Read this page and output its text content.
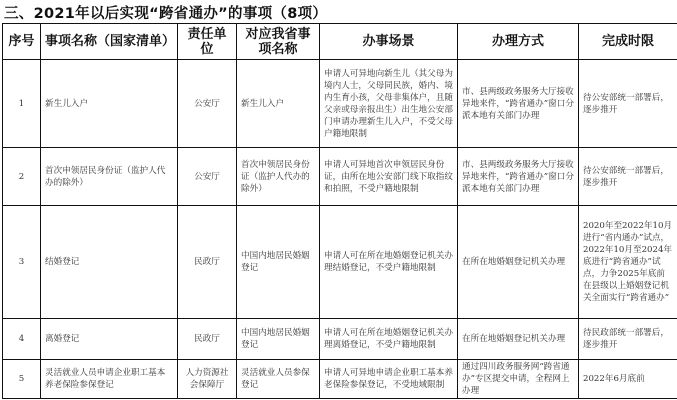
三、2021年以后实现“跨省通办”的事项（8项）
序号	事项名称（国家清单）	责任单位	对应我省事项名称	办事场景	办理方式	完成时限
1	新生儿入户	公安厅	新生儿入户	申请人可异地向新生儿（其父母为境内人士，父母同民族，婚内、境内生育小孩，父母非集体户，且随父亲或母亲报出生）出生地公安部门申请办理新生儿入户，不受父母户籍地限制	市、县两级政务服务大厅接收异地来件，“跨省通办”窗口分派本地有关部门办理	待公安部统一部署后，逐步推开
2	首次申领居民身份证（监护人代办的除外）	公安厅	首次申领居民身份证（监护人代办的除外）	申请人可异地首次申领居民身份证，由所在地公安部门线下取指纹和拍照，不受户籍地限制	市、县两级政务服务大厅接收异地来件，“跨省通办”窗口分派本地有关部门办理	待公安部统一部署后，逐步推开
3	结婚登记	民政厅	中国内地居民婚姻登记	申请人可在所在地婚姻登记机关办理结婚登记，不受户籍地限制	在所在地婚姻登记机关办理	2020年至2022年10月进行“省内通办”试点，2022年10月至2024年底进行“跨省通办”试点，力争2025年底前在县级以上婚姻登记机关全面实行“跨省通办”
4	离婚登记	民政厅	中国内地居民婚姻登记	申请人可在所在地婚姻登记机关办理离婚登记，不受户籍地限制	在所在地婚姻登记机关办理	待民政部统一部署后，逐步推开
5	灵活就业人员申请企业职工基本养老保险参保登记	人力资源社会保障厅	灵活就业人员参保登记	申请人可异地申请企业职工基本养老保险参保登记，不受地域限制	通过四川政务服务网“跨省通办”专区提交申请，全程网上办理	2022年6月底前
